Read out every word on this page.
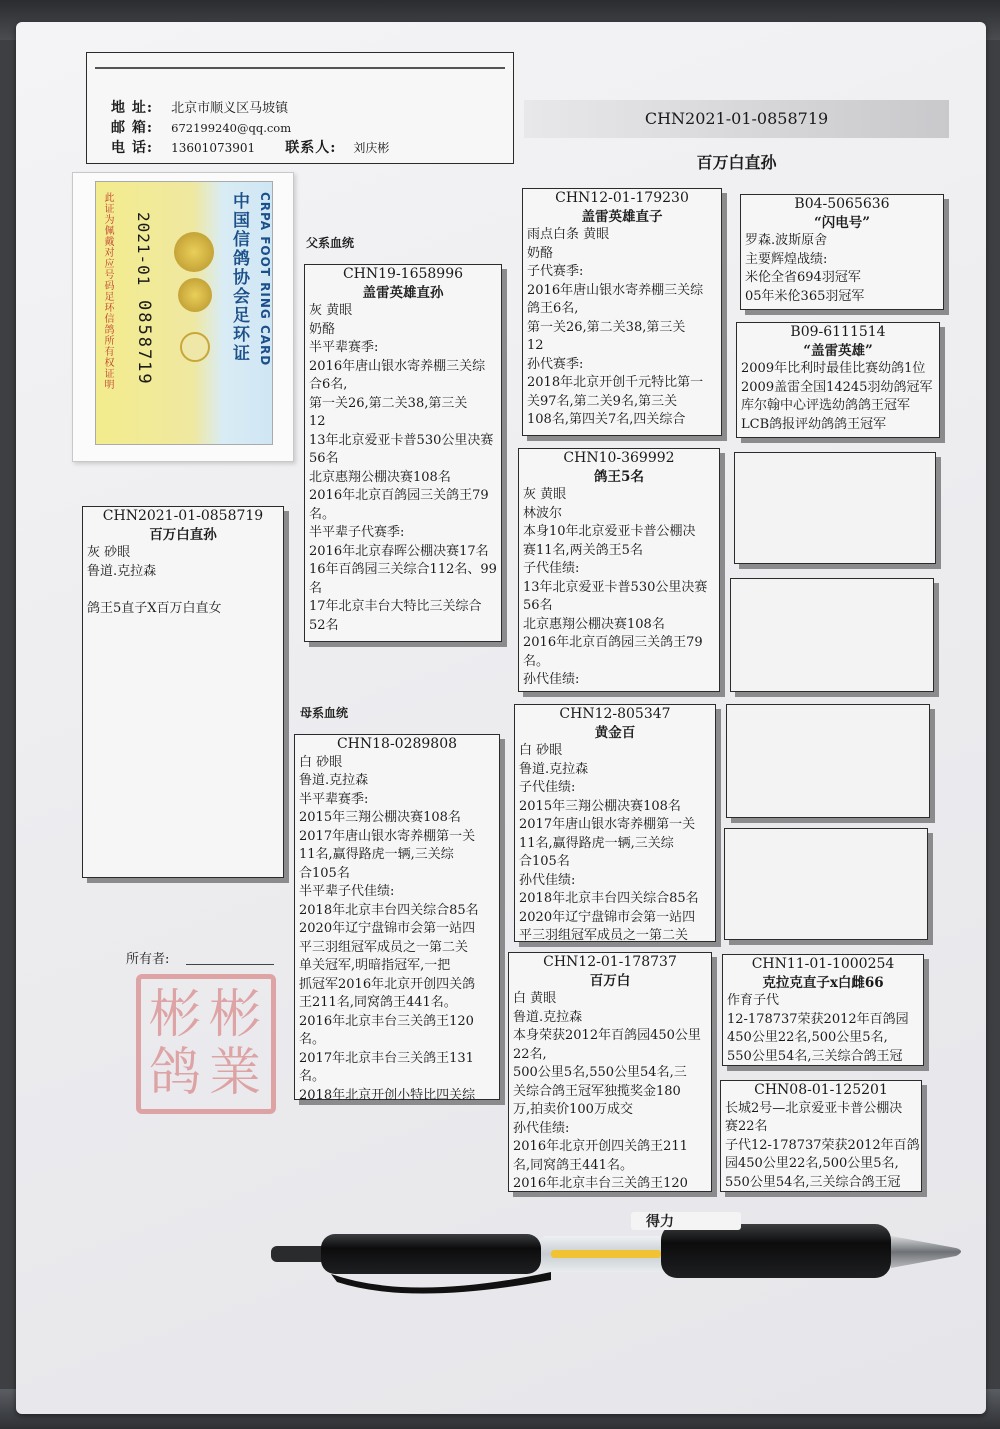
地 址: 北京市顺义区马坡镇
邮 箱: 672199240@qq.com
电 话: 13601073901 联系人: 刘庆彬
CHN2021-01-0858719
百万白直孙
中国信鸽协会足环证 CRPA FOOT RING CARD
2021-01
0858719
此证为佩戴对应号码足环信鸽所有权证明	父系血统
母系血统
CHN2021-01-0858719
百万白直孙
灰 砂眼
鲁道.克拉森

鸽王5直子X百万白直女
CHN19-1658996
盖雷英雄直孙
灰 黄眼
奶酪
半平辈赛季:
2016年唐山银水寄养棚三关综
合6名,
第一关26,第二关38,第三关
12
13年北京爱亚卡普530公里决赛
56名
北京惠翔公棚决赛108名
2016年北京百鸽园三关鸽王79
名。
半平辈子代赛季:
2016年北京春晖公棚决赛17名
16年百鸽园三关综合112名、99
名
17年北京丰台大特比三关综合
52名
CHN18-0289808
白 砂眼
鲁道.克拉森
半平辈赛季:
2015年三翔公棚决赛108名
2017年唐山银水寄养棚第一关
11名,赢得路虎一辆,三关综
合105名
半平辈子代佳绩:
2018年北京丰台四关综合85名
2020年辽宁盘锦市会第一站四
平三羽组冠军成员之一第二关
单关冠军,明暗指冠军,一把
抓冠军2016年北京开创四关鸽
王211名,同窝鸽王441名。
2016年北京丰台三关鸽王120
名。
2017年北京丰台三关鸽王131
名。
2018年北京开创小特比四关综
CHN12-01-179230
盖雷英雄直子
雨点白条 黄眼
奶酪
子代赛季:
2016年唐山银水寄养棚三关综
鸽王6名,
第一关26,第二关38,第三关
12
孙代赛季:
2018年北京开创千元特比第一
关97名,第二关9名,第三关
108名,第四关7名,四关综合
CHN10-369992
鸽王5名
灰 黄眼
林波尔
本身10年北京爱亚卡普公棚决
赛11名,两关鸽王5名
子代佳绩:
13年北京爱亚卡普530公里决赛
56名
北京惠翔公棚决赛108名
2016年北京百鸽园三关鸽王79
名。
孙代佳绩:
CHN12-805347
黄金百
白 砂眼
鲁道.克拉森
子代佳绩:
2015年三翔公棚决赛108名
2017年唐山银水寄养棚第一关
11名,赢得路虎一辆,三关综
合105名
孙代佳绩:
2018年北京丰台四关综合85名
2020年辽宁盘锦市会第一站四
平三羽组冠军成员之一第二关
CHN12-01-178737
百万白
白 黄眼
鲁道.克拉森
本身荣获2012年百鸽园450公里
22名,
500公里5名,550公里54名,三
关综合鸽王冠军独揽奖金180
万,拍卖价100万成交
孙代佳绩:
2016年北京开创四关鸽王211
名,同窝鸽王441名。
2016年北京丰台三关鸽王120
B04-5065636
“闪电号”
罗森.波斯原舍
主要辉煌战绩:
米伦全省694羽冠军
05年米伦365羽冠军
B09-6111514
“盖雷英雄”
2009年比利时最佳比赛幼鸽1位
2009盖雷全国14245羽幼鸽冠军
库尔翰中心评选幼鸽鸽王冠军
LCB鸽报评幼鸽鸽王冠军
CHN11-01-1000254
克拉克直子x白雌66
作育子代
12-178737荣获2012年百鸽园
450公里22名,500公里5名,
550公里54名,三关综合鸽王冠
CHN08-01-125201
长城2号—北京爱亚卡普公棚决
赛22名
子代12-178737荣获2012年百鸽
园450公里22名,500公里5名,
550公里54名,三关综合鸽王冠
所有者:
彬
彬
鸽 業
得力
